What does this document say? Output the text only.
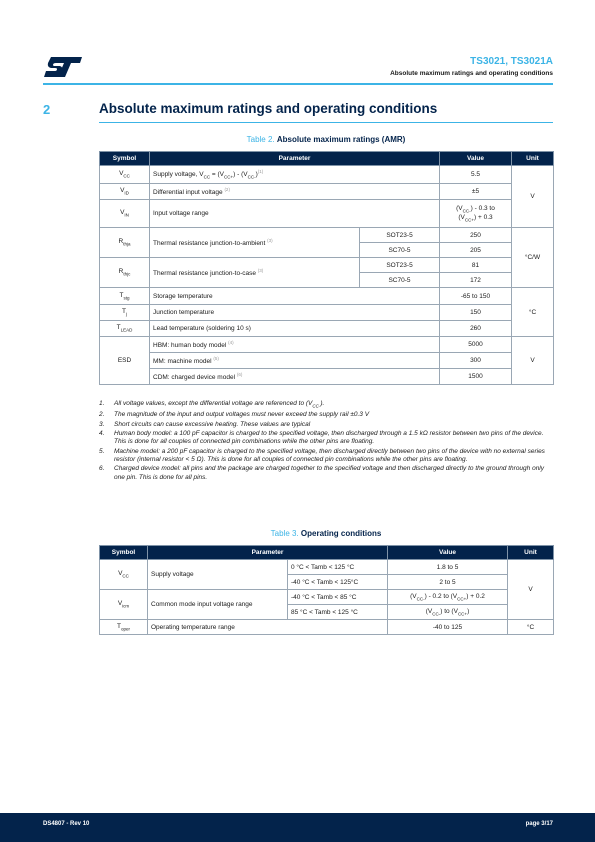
TS3021, TS3021A
Absolute maximum ratings and operating conditions
2	Absolute maximum ratings and operating conditions
Table 2. Absolute maximum ratings (AMR)
Symbol	Parameter		Value	Unit
$V_{CC}$	Supply voltage, $V_{CC} = (V_{CC+}) - (V_{CC-})^{(1)}$		5.5	V
$V_{ID}$	Differential input voltage $^{(2)}$		±5	
$V_{IN}$	Input voltage range		$(V_{CC-}) - 0.3$ to
$(V_{CC+}) + 0.3$	
$R_{thja}$	Thermal resistance junction-to-ambient $^{(3)}$	SOT23-5	250	°C/W
		SC70-5	205	
$R_{thjc}$	Thermal resistance junction-to-case $^{(3)}$	SOT23-5	81	
		SC70-5	172	
$T_{stg}$	Storage temperature		-65 to 150	°C
$T_j$	Junction temperature		150	
$T_{LEAD}$	Lead temperature (soldering 10 s)		260	
ESD	HBM: human body model $^{(4)}$		5000	V
	MM: machine model $^{(5)}$		300	
	CDM: charged device model $^{(6)}$		1500	
1. All voltage values, except the differential voltage are referenced to $(V_{CC-})$.
2. The magnitude of the input and output voltages must never exceed the supply rail ±0.3 V
3. Short circuits can cause excessive heating. These values are typical
4. Human body model: a 100 pF capacitor is charged to the specified voltage, then discharged through a 1.5 kΩ resistor between two pins of the device. This is done for all couples of connected pin combinations while the other pins are floating.
5. Machine model: a 200 pF capacitor is charged to the specified voltage, then discharged directly between two pins of the device with no external series resistor (internal resistor < 5 Ω). This is done for all couples of connected pin combinations while the other pins are floating.
6. Charged device model: all pins and the package are charged together to the specified voltage and then discharged directly to the ground through only one pin. This is done for all pins.
Table 3. Operating conditions
Symbol	Parameter		Value	Unit
$V_{CC}$	Supply voltage	0 °C < Tamb < 125 °C	1.8 to 5	V
		-40 °C < Tamb < 125°C	2 to 5	
$V_{icm}$	Common mode input voltage range	-40 °C < Tamb < 85 °C	$(V_{CC-}) - 0.2$ to $(V_{CC+}) + 0.2$	
		85 °C < Tamb < 125 °C	$(V_{CC-})$ to $(V_{CC+})$	
$T_{oper}$	Operating temperature range		-40 to 125	°C
DS4807 - Rev 10	page 3/17
